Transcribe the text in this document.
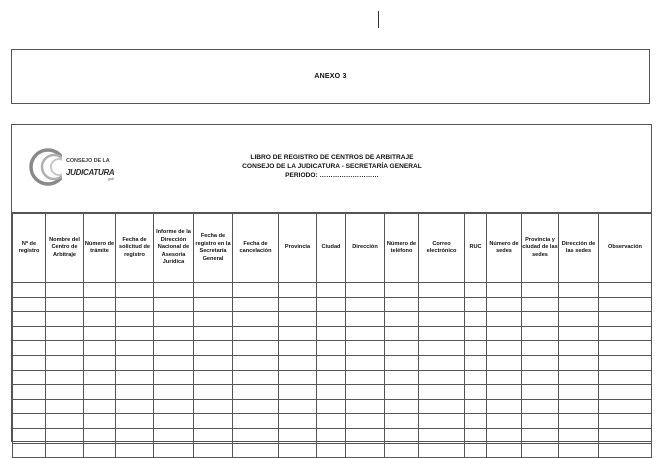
ANEXO 3
CONSEJO DE LA
JUDICATURA
gob
LIBRO DE REGISTRO DE CENTROS DE ARBITRAJE
CONSEJO DE LA JUDICATURA - SECRETARÍA GENERAL
PERIODO: ………………………
Nº de registro	Nombre del Centro de Arbitraje	Número de trámite	Fecha de solicitud de registro	Informe de la Dirección Nacional de Asesoría Jurídica	Fecha de registro en la Secretaría General	Fecha de cancelación	Provincia	Ciudad	Dirección	Número de teléfono	Correo electrónico	RUC	Número de sedes	Provincia y ciudad de las sedes	Dirección de las sedes	Observación
